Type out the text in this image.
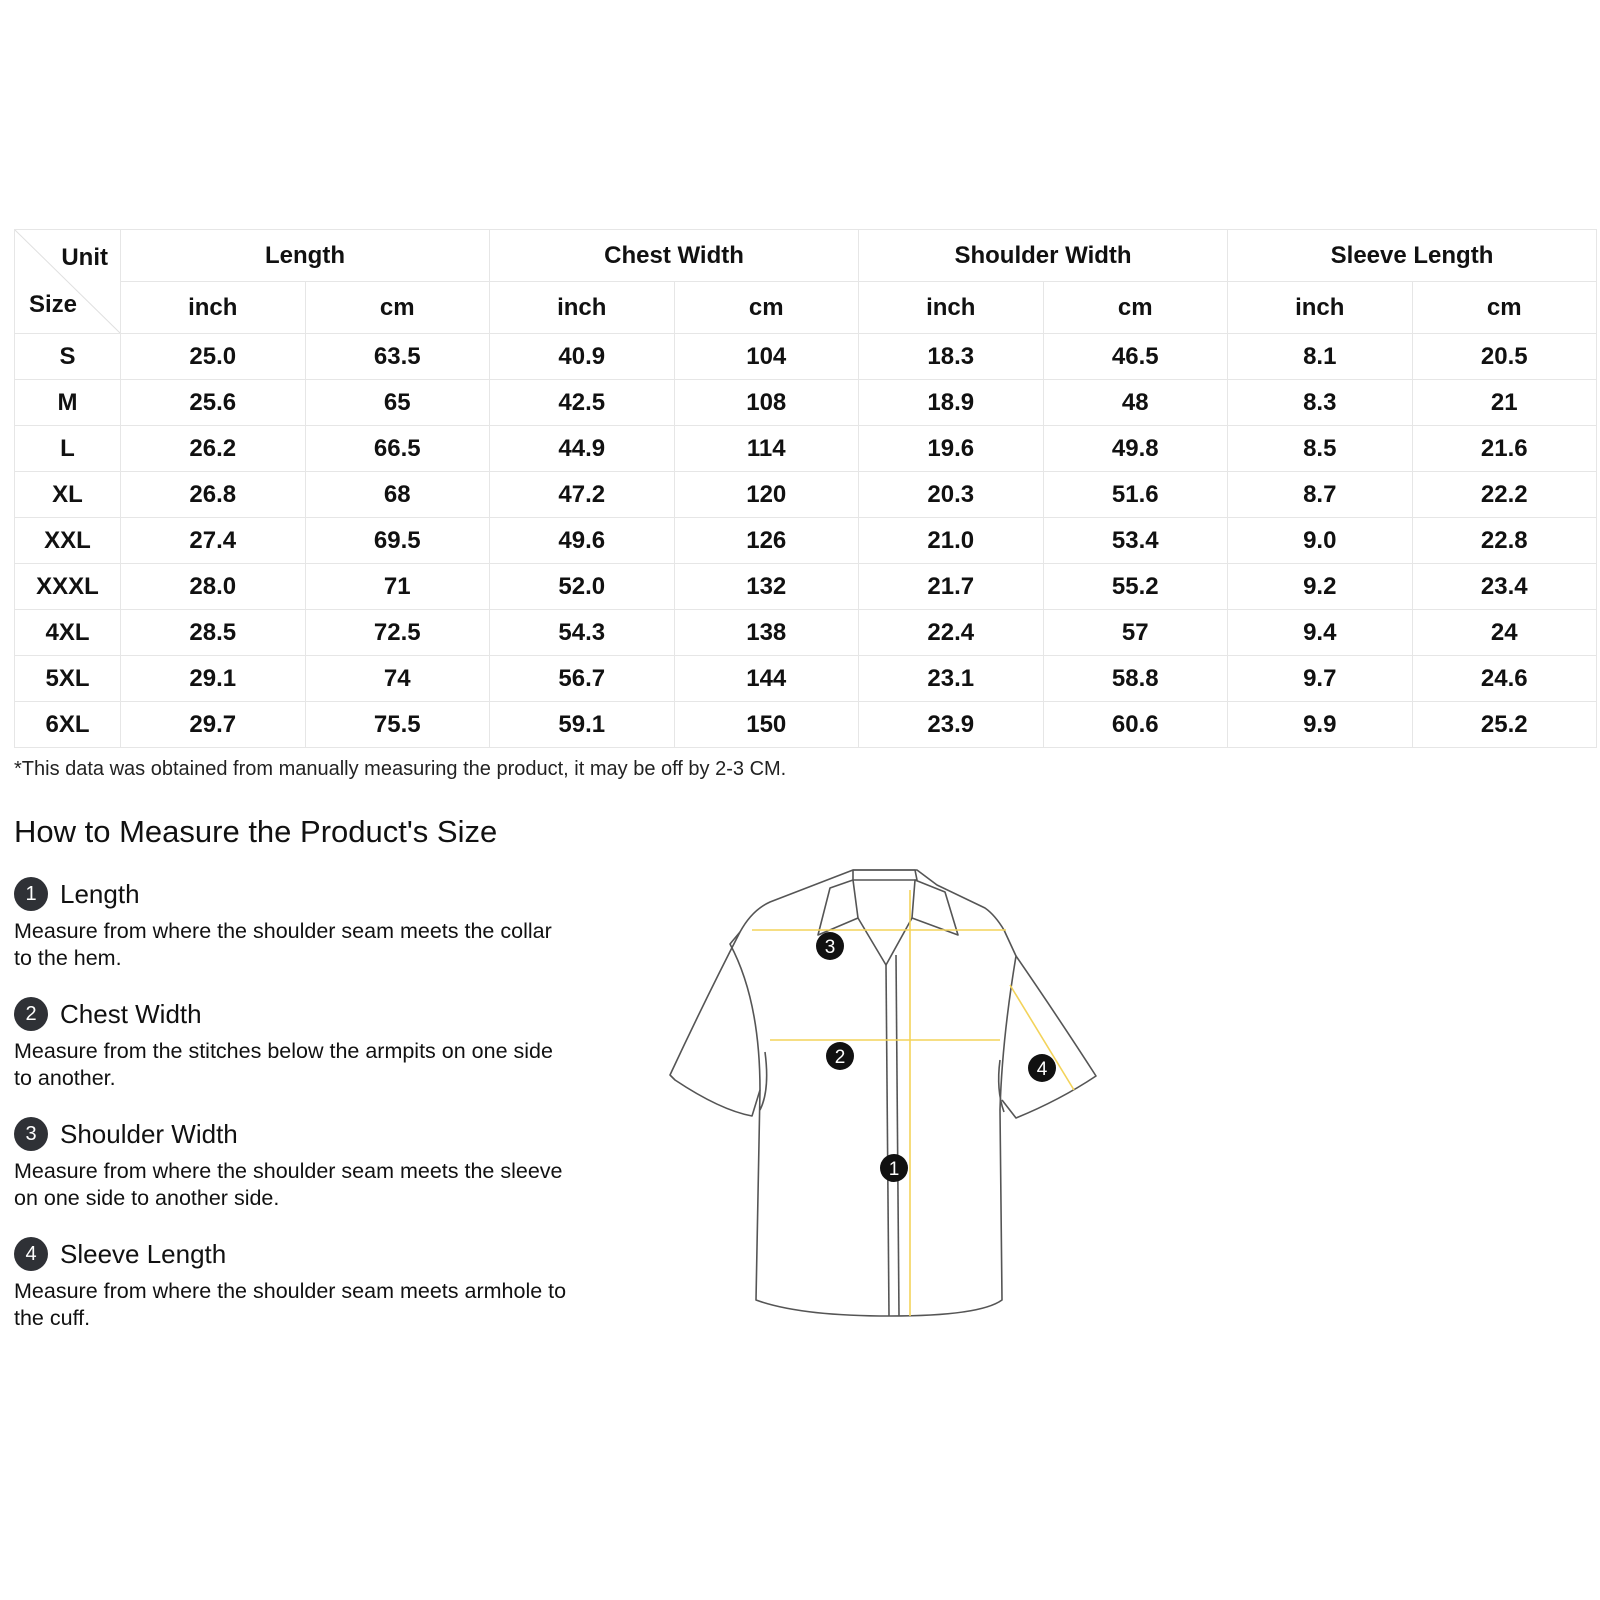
Unit
Size	Length		Chest Width		Shoulder Width		Sleeve Length	
	inch	cm	inch	cm	inch	cm	inch	cm
S	25.0	63.5	40.9	104	18.3	46.5	8.1	20.5
M	25.6	65	42.5	108	18.9	48	8.3	21
L	26.2	66.5	44.9	114	19.6	49.8	8.5	21.6
XL	26.8	68	47.2	120	20.3	51.6	8.7	22.2
XXL	27.4	69.5	49.6	126	21.0	53.4	9.0	22.8
XXXL	28.0	71	52.0	132	21.7	55.2	9.2	23.4
4XL	28.5	72.5	54.3	138	22.4	57	9.4	24
5XL	29.1	74	56.7	144	23.1	58.8	9.7	24.6
6XL	29.7	75.5	59.1	150	23.9	60.6	9.9	25.2
*This data was obtained from manually measuring the product, it may be off by 2-3 CM.
How to Measure the Product's Size
1 Length
Measure from where the shoulder seam meets the collar to the hem.
2 Chest Width
Measure from the stitches below the armpits on one side to another.
3 Shoulder Width
Measure from where the shoulder seam meets the sleeve on one side to another side.
4 Sleeve Length
Measure from where the shoulder seam meets armhole to the cuff.
3
2
4
1
